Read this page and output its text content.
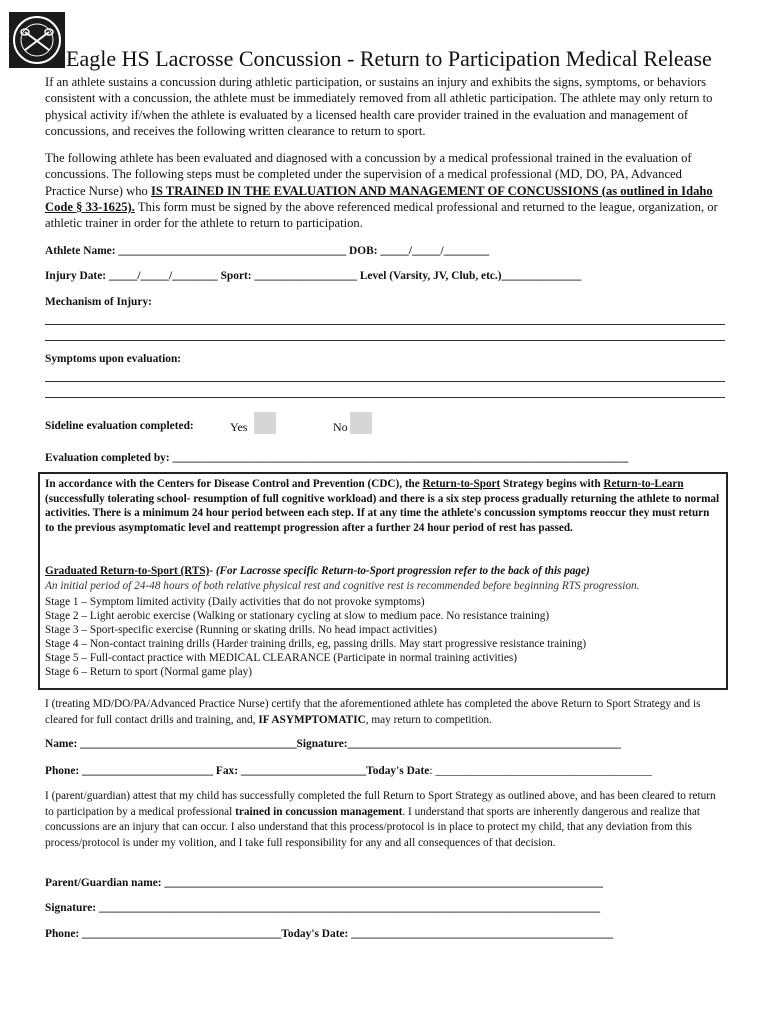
Eagle HS Lacrosse Concussion - Return to Participation Medical Release
If an athlete sustains a concussion during athletic participation, or sustains an injury and exhibits the signs, symptoms, or behaviors consistent with a concussion, the athlete must be immediately removed from all athletic participation. The athlete may only return to physical activity if/when the athlete is evaluated by a licensed health care provider trained in the evaluation and management of concussions, and receives the following written clearance to return to sport.
The following athlete has been evaluated and diagnosed with a concussion by a medical professional trained in the evaluation of concussions. The following steps must be completed under the supervision of a medical professional (MD, DO, PA, Advanced Practice Nurse) who IS TRAINED IN THE EVALUATION AND MANAGEMENT OF CONCUSSIONS (as outlined in Idaho Code § 33-1625). This form must be signed by the above referenced medical professional and returned to the league, organization, or athletic trainer in order for the athlete to return to participation.
Athlete Name: ________________________________________ DOB: _____/_____/________
Injury Date: _____/_____/________ Sport: __________________ Level (Varsity, JV, Club, etc.)______________
Mechanism of Injury:
Symptoms upon evaluation:
Sideline evaluation completed:	Yes	No
Evaluation completed by: ________________________________________________________________________________
In accordance with the Centers for Disease Control and Prevention (CDC), the Return-to-Sport Strategy begins with Return-to-Learn (successfully tolerating school- resumption of full cognitive workload) and there is a six step process gradually returning the athlete to normal activities. There is a minimum 24 hour period between each step. If at any time the athlete's concussion symptoms reoccur they must return to the previous asymptomatic level and reattempt progression after a further 24 hour period of rest has passed.
Graduated Return-to-Sport (RTS)- (For Lacrosse specific Return-to-Sport progression refer to the back of this page)
An initial period of 24-48 hours of both relative physical rest and cognitive rest is recommended before beginning RTS progression.
Stage 1 – Symptom limited activity (Daily activities that do not provoke symptoms)
Stage 2 – Light aerobic exercise (Walking or stationary cycling at slow to medium pace. No resistance training)
Stage 3 – Sport-specific exercise (Running or skating drills. No head impact activities)
Stage 4 – Non-contact training drills (Harder training drills, eg, passing drills. May start progressive resistance training)
Stage 5 – Full-contact practice with MEDICAL CLEARANCE (Participate in normal training activities)
Stage 6 – Return to sport (Normal game play)
I (treating MD/DO/PA/Advanced Practice Nurse) certify that the aforementioned athlete has completed the above Return to Sport Strategy and is cleared for full contact drills and training, and, IF ASYMPTOMATIC, may return to competition.
Name: ______________________________________Signature:________________________________________________
Phone: _______________________ Fax: ______________________Today's Date: ______________________________________
I (parent/guardian) attest that my child has successfully completed the full Return to Sport Strategy as outlined above, and has been cleared to return to participation by a medical professional trained in concussion management. I understand that sports are inherently dangerous and realize that concussions are an injury that can occur. I also understand that this process/protocol is in place to protect my child, that any deviation from this process/protocol is under my volition, and I take full responsibility for any and all consequences of that decision.
Parent/Guardian name: _____________________________________________________________________________
Signature: ________________________________________________________________________________________
Phone: ___________________________________Today's Date: ______________________________________________
